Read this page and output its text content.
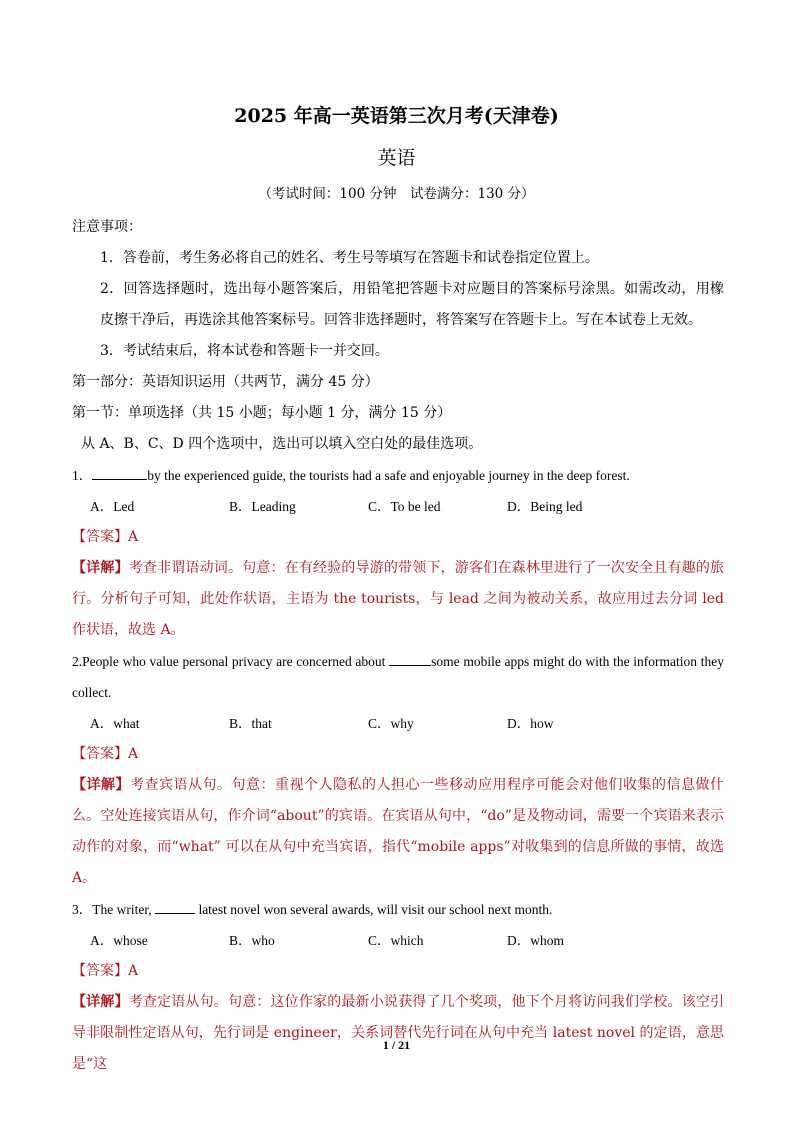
2025 年高一英语第三次月考(天津卷)
英语
（考试时间：100 分钟　试卷满分：130 分）

注意事项：

1．答卷前，考生务必将自己的姓名、考生号等填写在答题卡和试卷指定位置上。

2．回答选择题时，选出每小题答案后，用铅笔把答题卡对应题目的答案标号涂黑。如需改动，用橡皮擦干净后，再选涂其他答案标号。回答非选择题时，将答案写在答题卡上。写在本试卷上无效。

3．考试结束后，将本试卷和答题卡一并交回。

第一部分：英语知识运用（共两节，满分 45 分）

第一节：单项选择（共 15 小题；每小题 1 分，满分 15 分）

从 A、B、C、D 四个选项中，选出可以填入空白处的最佳选项。

1．	by the experienced guide, the tourists had a safe and enjoyable journey in the deep forest.

A．Led	B．Leading	C．To be led	D．Being led

【答案】A

【详解】考查非谓语动词。句意：在有经验的导游的带领下，游客们在森林里进行了一次安全且有趣的旅行。分析句子可知，此处作状语，主语为 the tourists，与 lead 之间为被动关系，故应用过去分词 led 作状语，故选 A。

2.People who value personal privacy are concerned about	some mobile apps might do with the information they collect.

A．what	B．that	C．why	D．how

【答案】A

【详解】考查宾语从句。句意：重视个人隐私的人担心一些移动应用程序可能会对他们收集的信息做什么。空处连接宾语从句，作介词“about”的宾语。在宾语从句中，“do”是及物动词，需要一个宾语来表示动作的对象，而“what” 可以在从句中充当宾语，指代“mobile apps”对收集到的信息所做的事情，故选 A。

3．The writer,	latest novel won several awards, will visit our school next month.

A．whose	B．who	C．which	D．whom

【答案】A

【详解】考查定语从句。句意：这位作家的最新小说获得了几个奖项，他下个月将访问我们学校。该空引导非限制性定语从句，先行词是 engineer，关系词替代先行词在从句中充当 latest novel 的定语，意思是“这

1 / 21
